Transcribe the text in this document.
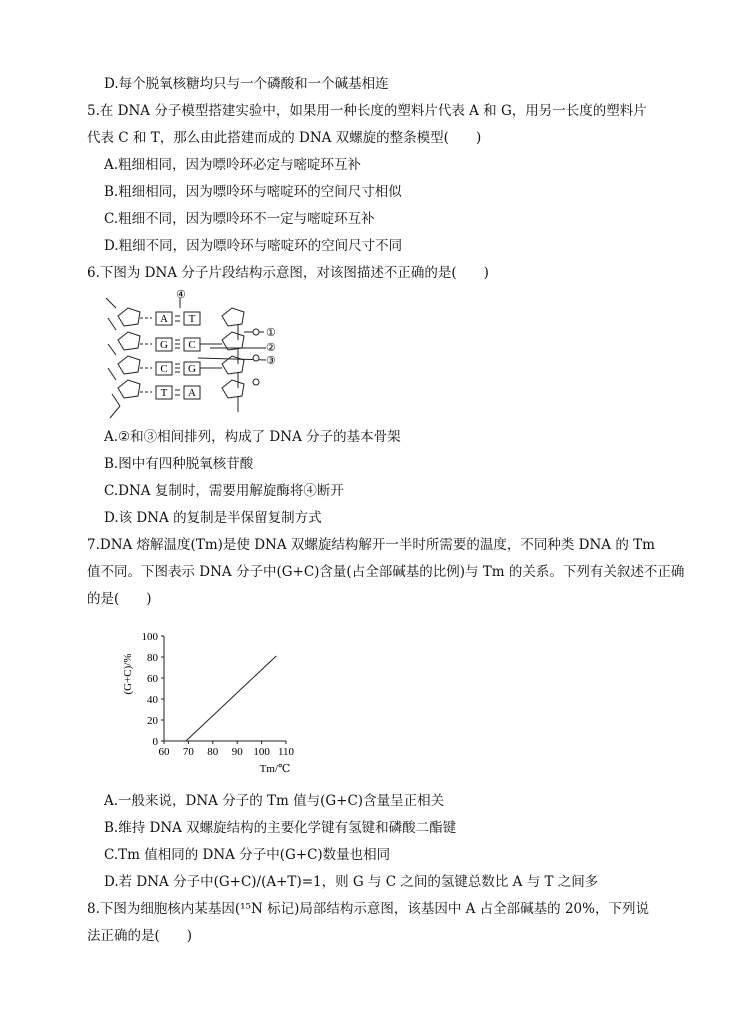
D.每个脱氧核糖均只与一个磷酸和一个碱基相连
5.在 DNA 分子模型搭建实验中，如果用一种长度的塑料片代表 A 和 G，用另一长度的塑料片
代表 C 和 T，那么由此搭建而成的 DNA 双螺旋的整条模型(　　)
A.粗细相同，因为嘌呤环必定与嘧啶环互补
B.粗细相同，因为嘌呤环与嘧啶环的空间尺寸相似
C.粗细不同，因为嘌呤环不一定与嘧啶环互补
D.粗细不同，因为嘌呤环与嘧啶环的空间尺寸不同
6.下图为 DNA 分子片段结构示意图，对该图描述不正确的是(　　)
A T
G C
C G
T A
④
①
②
③
A.②和③相间排列，构成了 DNA 分子的基本骨架
B.图中有四种脱氧核苷酸
C.DNA 复制时，需要用解旋酶将④断开
D.该 DNA 的复制是半保留复制方式
7.DNA 熔解温度(Tm)是使 DNA 双螺旋结构解开一半时所需要的温度，不同种类 DNA 的 Tm
值不同。下图表示 DNA 分子中(G+C)含量(占全部碱基的比例)与 Tm 的关系。下列有关叙述不正确
的是(　　)
60 70 80 90 100 110
0
20
40
60
80
100
(G+C)/%
Tm/℃
A.一般来说，DNA 分子的 Tm 值与(G+C)含量呈正相关
B.维持 DNA 双螺旋结构的主要化学键有氢键和磷酸二酯键
C.Tm 值相同的 DNA 分子中(G+C)数量也相同
D.若 DNA 分子中(G+C)/(A+T)=1，则 G 与 C 之间的氢键总数比 A 与 T 之间多
8.下图为细胞核内某基因(¹⁵N 标记)局部结构示意图，该基因中 A 占全部碱基的 20%，下列说
法正确的是(　　)
